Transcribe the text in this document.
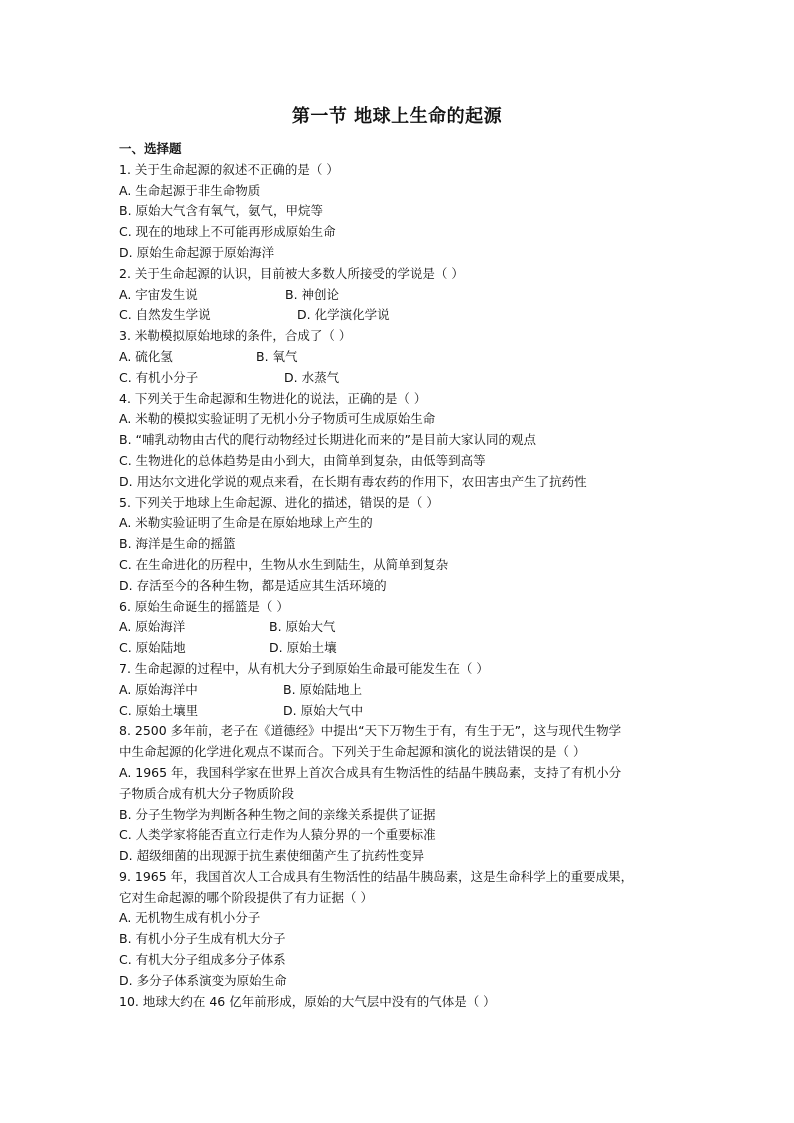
第一节 地球上生命的起源
一、选择题
1. 关于生命起源的叙述不正确的是（ ）
A. 生命起源于非生命物质
B. 原始大气含有氧气，氨气，甲烷等
C. 现在的地球上不可能再形成原始生命
D. 原始生命起源于原始海洋
2. 关于生命起源的认识，目前被大多数人所接受的学说是（ ）
A. 宇宙发生说	B. 神创论
C. 自然发生学说	D. 化学演化学说
3. 米勒模拟原始地球的条件，合成了（ ）
A. 硫化氢	B. 氧气
C. 有机小分子	D. 水蒸气
4. 下列关于生命起源和生物进化的说法，正确的是（ ）
A. 米勒的模拟实验证明了无机小分子物质可生成原始生命
B. “哺乳动物由古代的爬行动物经过长期进化而来的”是目前大家认同的观点
C. 生物进化的总体趋势是由小到大，由简单到复杂，由低等到高等
D. 用达尔文进化学说的观点来看，在长期有毒农药的作用下，农田害虫产生了抗药性
5. 下列关于地球上生命起源、进化的描述，错误的是（ ）
A. 米勒实验证明了生命是在原始地球上产生的
B. 海洋是生命的摇篮
C. 在生命进化的历程中，生物从水生到陆生，从简单到复杂
D. 存活至今的各种生物，都是适应其生活环境的
6. 原始生命诞生的摇篮是（ ）
A. 原始海洋	B. 原始大气
C. 原始陆地	D. 原始土壤
7. 生命起源的过程中，从有机大分子到原始生命最可能发生在（ ）
A. 原始海洋中	B. 原始陆地上
C. 原始土壤里	D. 原始大气中
8. 2500 多年前，老子在《道德经》中提出“天下万物生于有，有生于无”，这与现代生物学
中生命起源的化学进化观点不谋而合。下列关于生命起源和演化的说法错误的是（ ）
A. 1965 年，我国科学家在世界上首次合成具有生物活性的结晶牛胰岛素，支持了有机小分
子物质合成有机大分子物质阶段
B. 分子生物学为判断各种生物之间的亲缘关系提供了证据
C. 人类学家将能否直立行走作为人猿分界的一个重要标准
D. 超级细菌的出现源于抗生素使细菌产生了抗药性变异
9. 1965 年，我国首次人工合成具有生物活性的结晶牛胰岛素，这是生命科学上的重要成果，
它对生命起源的哪个阶段提供了有力证据（ ）
A. 无机物生成有机小分子
B. 有机小分子生成有机大分子
C. 有机大分子组成多分子体系
D. 多分子体系演变为原始生命
10. 地球大约在 46 亿年前形成，原始的大气层中没有的气体是（ ）
